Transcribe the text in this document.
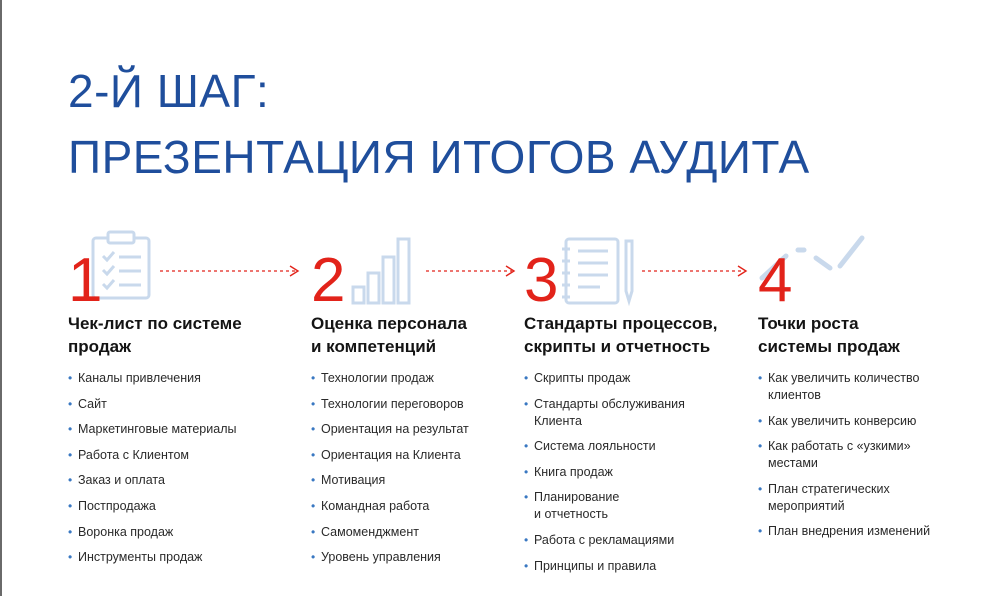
2-Й ШАГ:
ПРЕЗЕНТАЦИЯ ИТОГОВ АУДИТА
1
Чек-лист по системе
продаж
• Каналы привлечения
• Сайт
• Маркетинговые материалы
• Работа с Клиентом
• Заказ и оплата
• Постпродажа
• Воронка продаж
• Инструменты продаж
2
Оценка персонала
и компетенций
• Технологии продаж
• Технологии переговоров
• Ориентация на результат
• Ориентация на Клиента
• Мотивация
• Командная работа
• Самоменджмент
• Уровень управления
3
Стандарты процессов,
скрипты и отчетность
• Скрипты продаж
• Стандарты обслуживания
Клиента
• Система лояльности
• Книга продаж
• Планирование
и отчетность
• Работа с рекламациями
• Принципы и правила
4
Точки роста
системы продаж
• Как увеличить количество
клиентов
• Как увеличить конверсию
• Как работать с «узкими»
местами
• План стратегических
мероприятий
• План внедрения изменений
